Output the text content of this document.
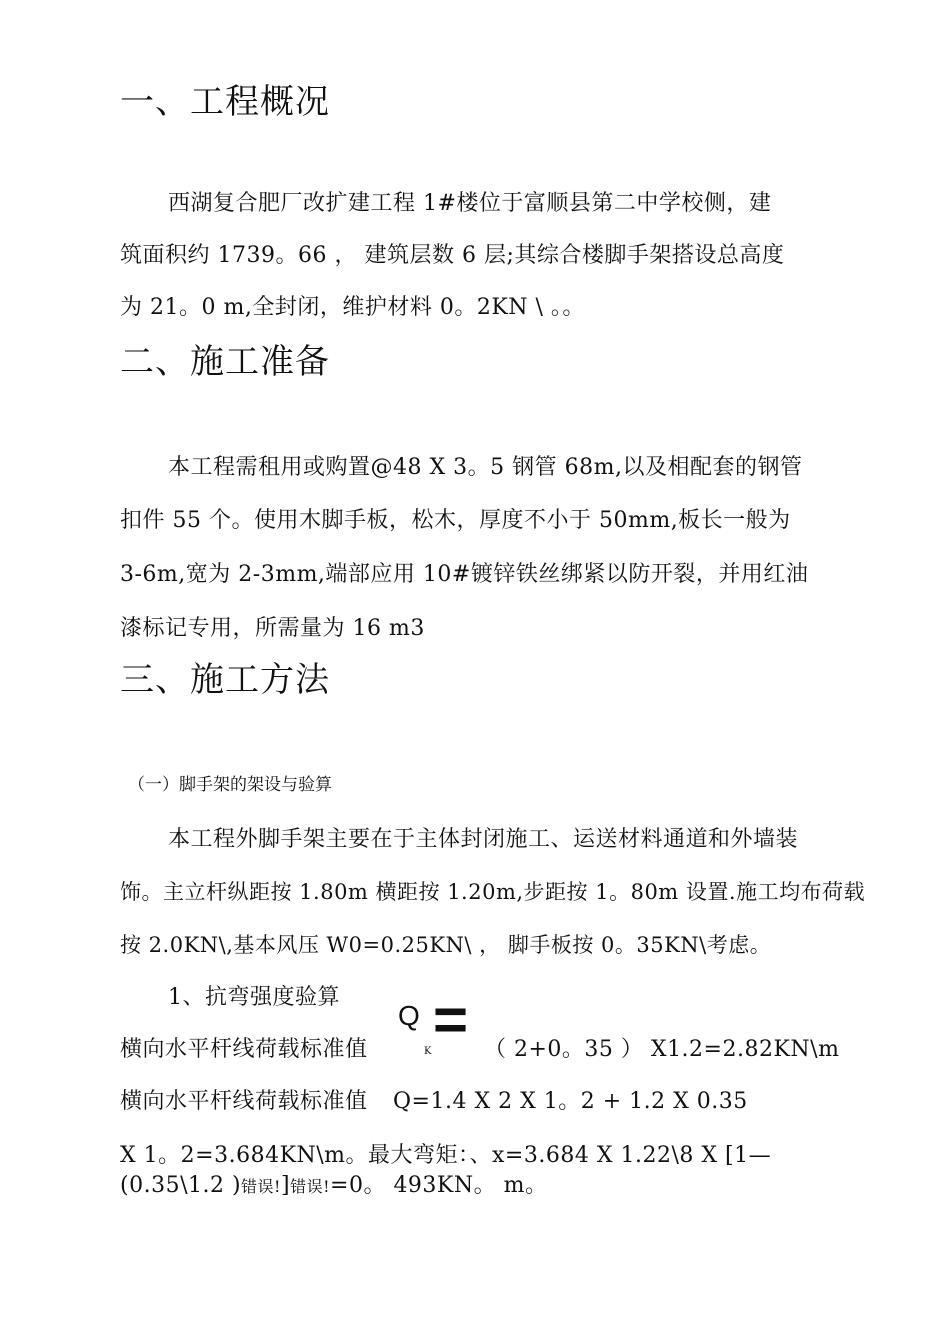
一、工程概况
西湖复合肥厂改扩建工程 1#楼位于富顺县第二中学校侧，建
筑面积约 1739。66 ， 建筑层数 6 层;其综合楼脚手架搭设总高度
为 21。0 m,全封闭，维护材料 0。2KN \ 。。
二、施工准备
本工程需租用或购置@48 X 3。5 钢管 68m,以及相配套的钢管
扣件 55 个。使用木脚手板，松木，厚度不小于 50mm,板长一般为
3-6m,宽为 2-3mm,端部应用 10#镀锌铁丝绑紧以防开裂，并用红油
漆标记专用，所需量为 16 m3
三、施工方法
（一）脚手架的架设与验算
本工程外脚手架主要在于主体封闭施工、运送材料通道和外墙装
饰。主立杆纵距按 1.80m 横距按 1.20m,步距按 1。80m 设置.施工均布荷载
按 2.0KN\,基本风压 W0=0.25KN\ ， 脚手板按 0。35KN\考虑。
1、抗弯强度验算
横向水平杆线荷载标准值
Q
K = （ 2+0。35 ） X1.2=2.82KN\m
横向水平杆线荷载标准值 Q=1.4 X 2 X 1。2 + 1.2 X 0.35
X 1。2=3.684KN\m。最大弯矩：、x=3.684 X 1.22\8 X [1—
(0.35\1.2 )错误!]错误!=0。 493KN。 m。
